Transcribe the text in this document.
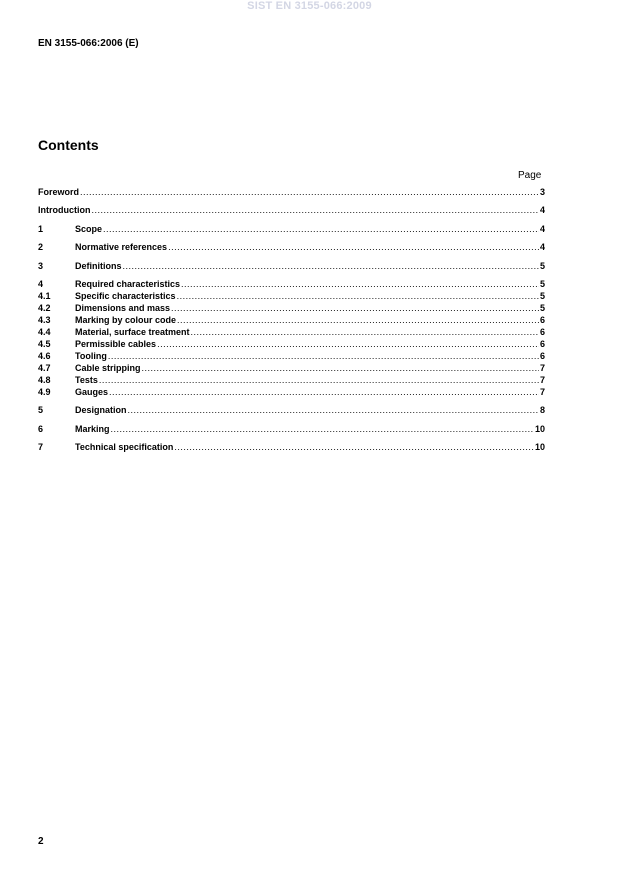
SIST EN 3155-066:2009
EN 3155-066:2006 (E)
Contents
Page
Foreword .....	3
Introduction .....	4
1	Scope .....	4
2	Normative references .....	4
3	Definitions .....	5
4	Required characteristics .....	5
4.1	Specific characteristics .....	5
4.2	Dimensions and mass .....	5
4.3	Marking by colour code .....	6
4.4	Material, surface treatment .....	6
4.5	Permissible cables .....	6
4.6	Tooling .....	6
4.7	Cable stripping .....	7
4.8	Tests .....	7
4.9	Gauges .....	7
5	Designation .....	8
6	Marking .....	10
7	Technical specification .....	10
2
